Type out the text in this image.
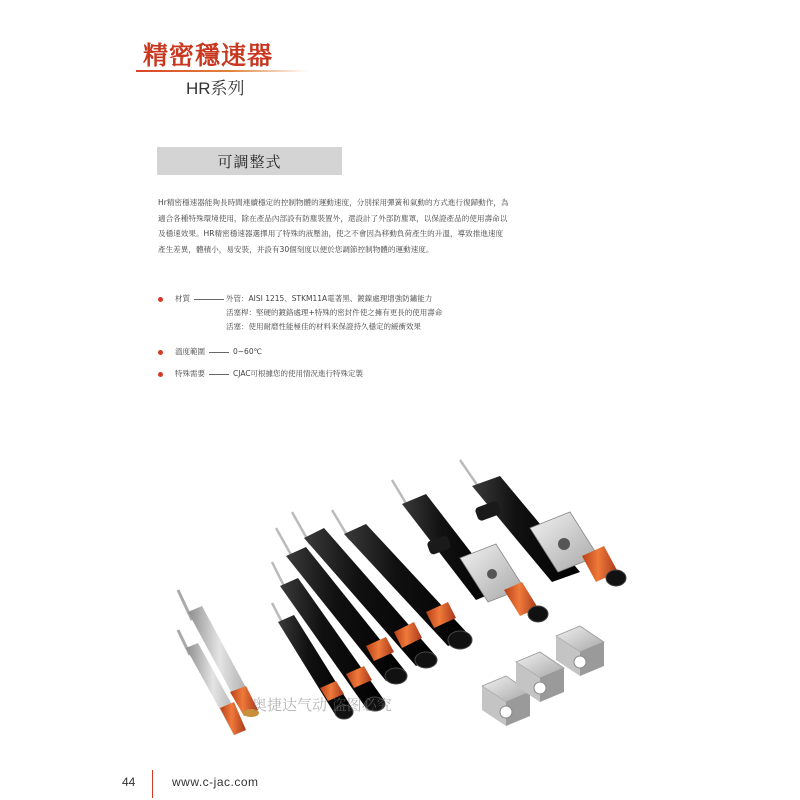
精密穩速器
HR系列
可調整式
Hr精密穩速器能夠長時間連續穩定的控制物體的運動速度，分別採用彈簧和氣動的方式進行復歸動作，為適合各種特殊環境使用，除在產品內部設有防塵裝置外，還設計了外部防塵罩，以保證產品的使用壽命以及穩速效果。HR精密穩速器選擇用了特殊的液壓油，使之不會因為移動負荷產生的升溫，導致推進速度產生差異，體積小，易安裝，并設有30個刻度以便於您調節控制物體的運動速度。
材質	外管：AISI 1215、STKM11A電著黑、鍍鎳處理增強防鏽能力
活塞桿：堅硬的鍍鉻處理+特殊的密封件使之擁有更長的使用壽命
活塞：使用耐磨性能極佳的材料來保證持久穩定的緩衝效果
溫度範圍	0~60℃
特殊需要	CJAC可根據您的使用情況進行特殊定製
奥捷达气动 盗图必究
44	www.c-jac.com
